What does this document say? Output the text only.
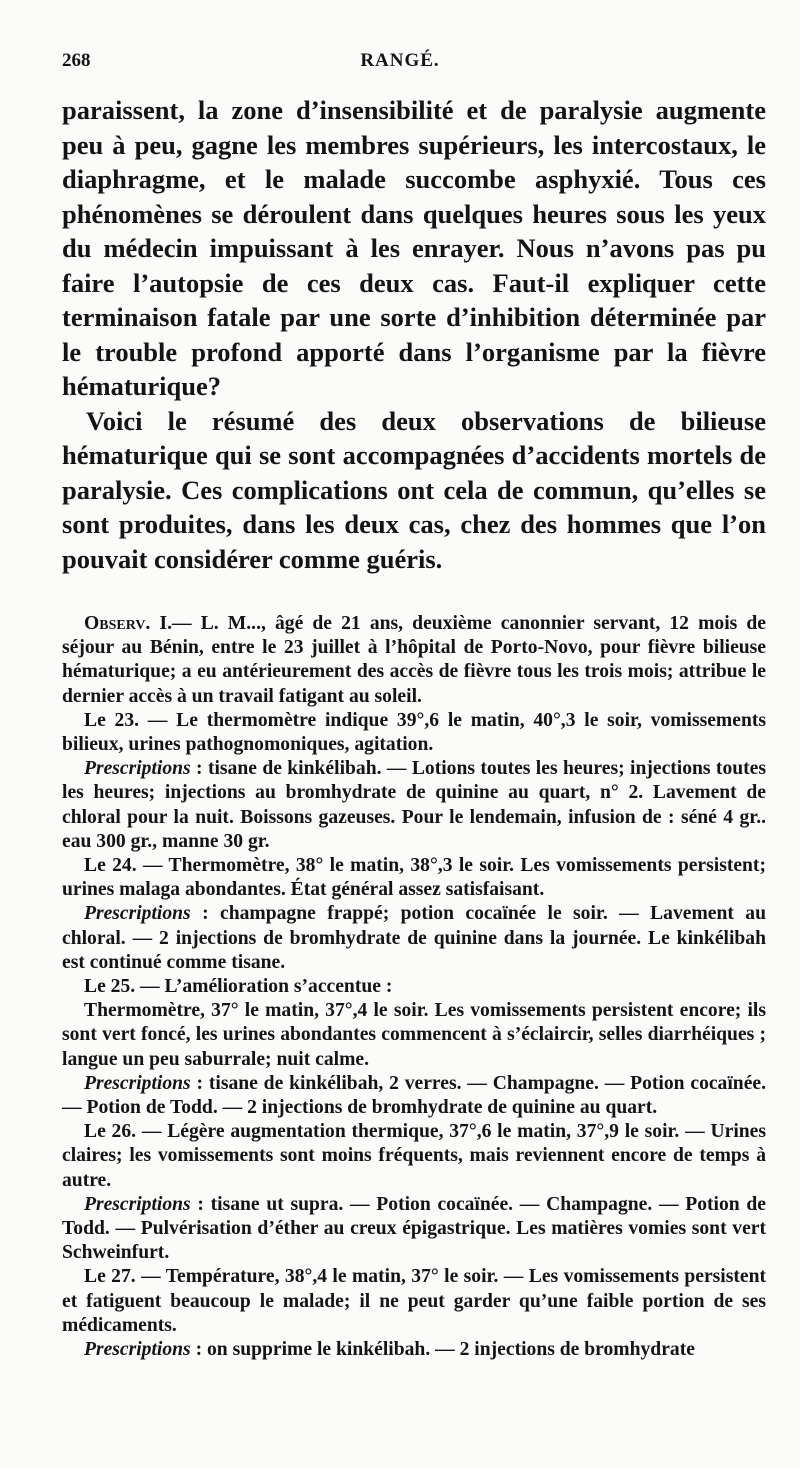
268	RANGÉ.

paraissent, la zone d’insensibilité et de paralysie augmente peu à peu, gagne les membres supérieurs, les intercostaux, le diaphragme, et le malade succombe asphyxié. Tous ces phénomènes se déroulent dans quelques heures sous les yeux du médecin impuissant à les enrayer. Nous n’avons pas pu faire l’autopsie de ces deux cas. Faut-il expliquer cette terminaison fatale par une sorte d’inhibition déterminée par le trouble profond apporté dans l’organisme par la fièvre hématurique?

Voici le résumé des deux observations de bilieuse hématurique qui se sont accompagnées d’accidents mortels de paralysie. Ces complications ont cela de commun, qu’elles se sont produites, dans les deux cas, chez des hommes que l’on pouvait considérer comme guéris.

Observ. I.— L. M..., âgé de 21 ans, deuxième canonnier servant, 12 mois de séjour au Bénin, entre le 23 juillet à l’hôpital de Porto-Novo, pour fièvre bilieuse hématurique; a eu antérieurement des accès de fièvre tous les trois mois; attribue le dernier accès à un travail fatigant au soleil.

Le 23. — Le thermomètre indique 39°,6 le matin, 40°,3 le soir, vomissements bilieux, urines pathognomoniques, agitation.

Prescriptions : tisane de kinkélibah. — Lotions toutes les heures; injections toutes les heures; injections au bromhydrate de quinine au quart, n° 2. Lavement de chloral pour la nuit. Boissons gazeuses. Pour le lendemain, infusion de : séné 4 gr.. eau 300 gr., manne 30 gr.

Le 24. — Thermomètre, 38° le matin, 38°,3 le soir. Les vomissements persistent; urines malaga abondantes. État général assez satisfaisant.

Prescriptions : champagne frappé; potion cocaïnée le soir. — Lavement au chloral. — 2 injections de bromhydrate de quinine dans la journée. Le kinkélibah est continué comme tisane.

Le 25. — L’amélioration s’accentue :

Thermomètre, 37° le matin, 37°,4 le soir. Les vomissements persistent encore; ils sont vert foncé, les urines abondantes commencent à s’éclaircir, selles diarrhéiques ; langue un peu saburrale; nuit calme.

Prescriptions : tisane de kinkélibah, 2 verres. — Champagne. — Potion cocaïnée. — Potion de Todd. — 2 injections de bromhydrate de quinine au quart.

Le 26. — Légère augmentation thermique, 37°,6 le matin, 37°,9 le soir. — Urines claires; les vomissements sont moins fréquents, mais reviennent encore de temps à autre.

Prescriptions : tisane ut supra. — Potion cocaïnée. — Champagne. — Potion de Todd. — Pulvérisation d’éther au creux épigastrique. Les matières vomies sont vert Schweinfurt.

Le 27. — Température, 38°,4 le matin, 37° le soir. — Les vomissements persistent et fatiguent beaucoup le malade; il ne peut garder qu’une faible portion de ses médicaments.

Prescriptions : on supprime le kinkélibah. — 2 injections de bromhydrate
